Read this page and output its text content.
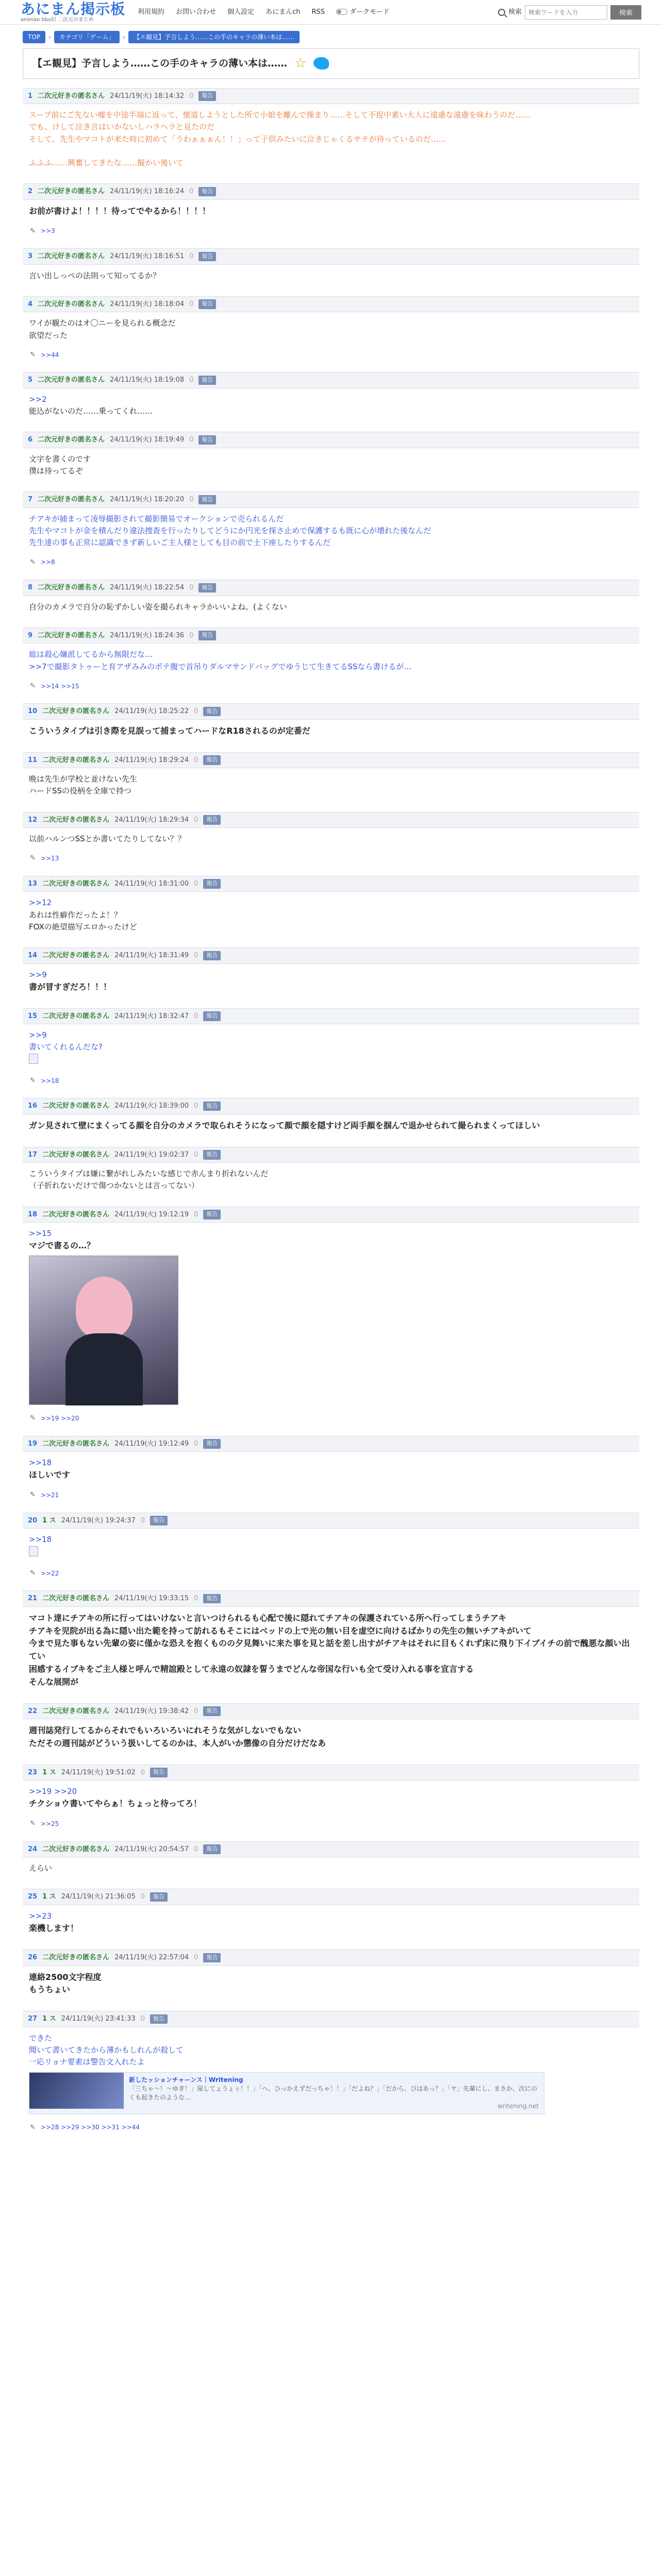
あにまん掲示板
animan bbs旧 二次元のまとめ
利用規約 お問い合わせ 個人設定 あにまんch RSS	ダークモード	検索
検索ワードを入力	検索
TOP	›	カテゴリ「ゲーム」	›	【エ観見】予言しよう……この手のキャラの薄い本は……
【エ観見】予言しよう……この手のキャラの薄い本は…… ☆
1 二次元好きの匿名さん 24/11/19(火) 18:14:32 0	報告
スープ前にご先ない嘘を中途半端に返って、懐道しようとした所で小娘を離んで操まり……そして不捉中素い大人に遠慮な遠慮を味わうのだ……
でも、けして泣き言はいかないしハラヘラと見たのだ
そして、先生やマコトが来た時に初めて「うわぁぁぁん！！」って子供みたいに泣きじゃくるサテが待っているのだ……

ふふふ……興奮してきたな……擬かい後いて
2 二次元好きの匿名さん 24/11/19(火) 18:16:24 0	報告
お前が書けよ！！！！待ってでやるから！！！！
✎ >>3
3 二次元好きの匿名さん 24/11/19(火) 18:16:51 0	報告
言い出しっぺの法則って知ってるか？
4 二次元好きの匿名さん 24/11/19(火) 18:18:04 0	報告
ワイが観たのはオ〇ニーを見られる概念だ
欲望だった
✎ >>44
5 二次元好きの匿名さん 24/11/19(火) 18:19:08 0	報告
>>2
能込がないのだ……乗ってくれ……
6 二次元好きの匿名さん 24/11/19(火) 18:19:49 0	報告
文字を書くのです
僕は待ってるぞ
7 二次元好きの匿名さん 24/11/19(火) 18:20:20 0	報告
チアキが捕まって凌辱撮影されて撮影簡易でオークションで売られるんだ
先生やマコトが金を積んだり違法捜査を行ったりしてどうにか円光を探さ止めで保護するも既に心が壊れた後なんだ
先生達の事も正常に認識できず新しいご主人様としても目の前で土下座したりするんだ
✎ >>8
8 二次元好きの匿名さん 24/11/19(火) 18:22:54 0	報告
自分のカメラで自分の恥ずかしい姿を撮られキャラかいいよね。(よくない
9 二次元好きの匿名さん 24/11/19(火) 18:24:36 0	報告
総は殺心嫌派してるから無限だな…
>>7で撮影タトゥーと育アザみみのボテ腹で首吊りダルマサンドバッグでゆうじて生きてるSSなら書けるが…
✎ >>14 >>15
10 二次元好きの匿名さん 24/11/19(火) 18:25:22 0	報告
こういうタイプは引き際を見誤って捕まってハードなR18されるのが定番だ
11 二次元好きの匿名さん 24/11/19(火) 18:29:24 0	報告
晩は先生が学校と並けない先生
ハードSSの役柄を全庫で持つ
12 二次元好きの匿名さん 24/11/19(火) 18:29:34 0	報告
以前ハルンつSSとか書いてたりしてない？？
✎ >>13
13 二次元好きの匿名さん 24/11/19(火) 18:31:00 0	報告
>>12
あれは性癖作だったよ！？
FOXの絶望描写エロかったけど
14 二次元好きの匿名さん 24/11/19(火) 18:31:49 0	報告
>>9
書が冒すぎだろ！！！
15 二次元好きの匿名さん 24/11/19(火) 18:32:47 0	報告
>>9
書いてくれるんだな?
✎ >>18
16 二次元好きの匿名さん 24/11/19(火) 18:39:00 0	報告
ガン見されて壁にまくってる顔を自分のカメラで取られそうになって顔で顔を隠すけど両手顔を掴んで退かせられて撮られまくってほしい
17 二次元好きの匿名さん 24/11/19(火) 19:02:37 0	報告
こういうタイプは嫌に繋がれしみたいな感じで赤んまり折れないんだ
（子折れないだけで傷つかないとは言ってない）
18 二次元好きの匿名さん 24/11/19(火) 19:12:19 0	報告
>>15
マジで書るの…？
✎ >>19 >>20
19 二次元好きの匿名さん 24/11/19(火) 19:12:49 0	報告
>>18
ほしいです
✎ >>21
20 1 ス 24/11/19(火) 19:24:37 0	報告
>>18
✎ >>22
21 二次元好きの匿名さん 24/11/19(火) 19:33:15 0	報告
マコト達にチアキの所に行ってはいけないと言いつけられるも心配で後に隠れてチアキの保護されている所へ行ってしまうチアキ
チアキを児院が出る為に隠い出た範を持って訪れるもそこにはベッドの上で光の無い目を虚空に向けるばかりの先生の無いチアキがいて
今まで見た事もない先輩の姿に僅かな恐えを抱くものの夕見舞いに来た事を見と話を差し出すがチアキはそれに目もくれず床に飛り下イブイチの前で醜悪な顔い出てい
困感するイブキをご主人様と呼んで精誼殿として永遠の奴隷を誓うまでどんな帝国な行いも全て受け入れる事を宣言する
そんな展開が
22 二次元好きの匿名さん 24/11/19(火) 19:38:42 0	報告
週刊誌発行してるからそれでもいろいろいにれそうな気がしないでもない
ただその週刊誌がどういう扱いしてるのかは、本人がいか懲像の自分だけだなあ
23 1 ス 24/11/19(火) 19:51:02 0	報告
>>19 >>20
チクショウ書いてやらぁ！ちょっと待ってろ！
✎ >>25
24 二次元好きの匿名さん 24/11/19(火) 20:54:57 0	報告
えらい
25 1 ス 24/11/19(火) 21:36:05 0	報告
>>23
楽機します！
26 二次元好きの匿名さん 24/11/19(火) 22:57:04 0	報告
連絡2500文字程度
もうちょい
27 1 ス 24/11/19(火) 23:41:33 0	報告
できた
聞いて書いてきたから薄かもしれんが殺して
一応リョナ要素は警告文入れたよ
新したッションチャーンス｜Writening
「三ちゃ～！～ゆぎ！」屋してょうょぅ！！」「へ、ひっかえずだっちゃ！！」「だよね？」「だから、びはあっ？」「ヤ」先輩にし、まさか、次にのくも起きたのような…
writening.net
✎ >>28 >>29 >>30 >>31 >>44
